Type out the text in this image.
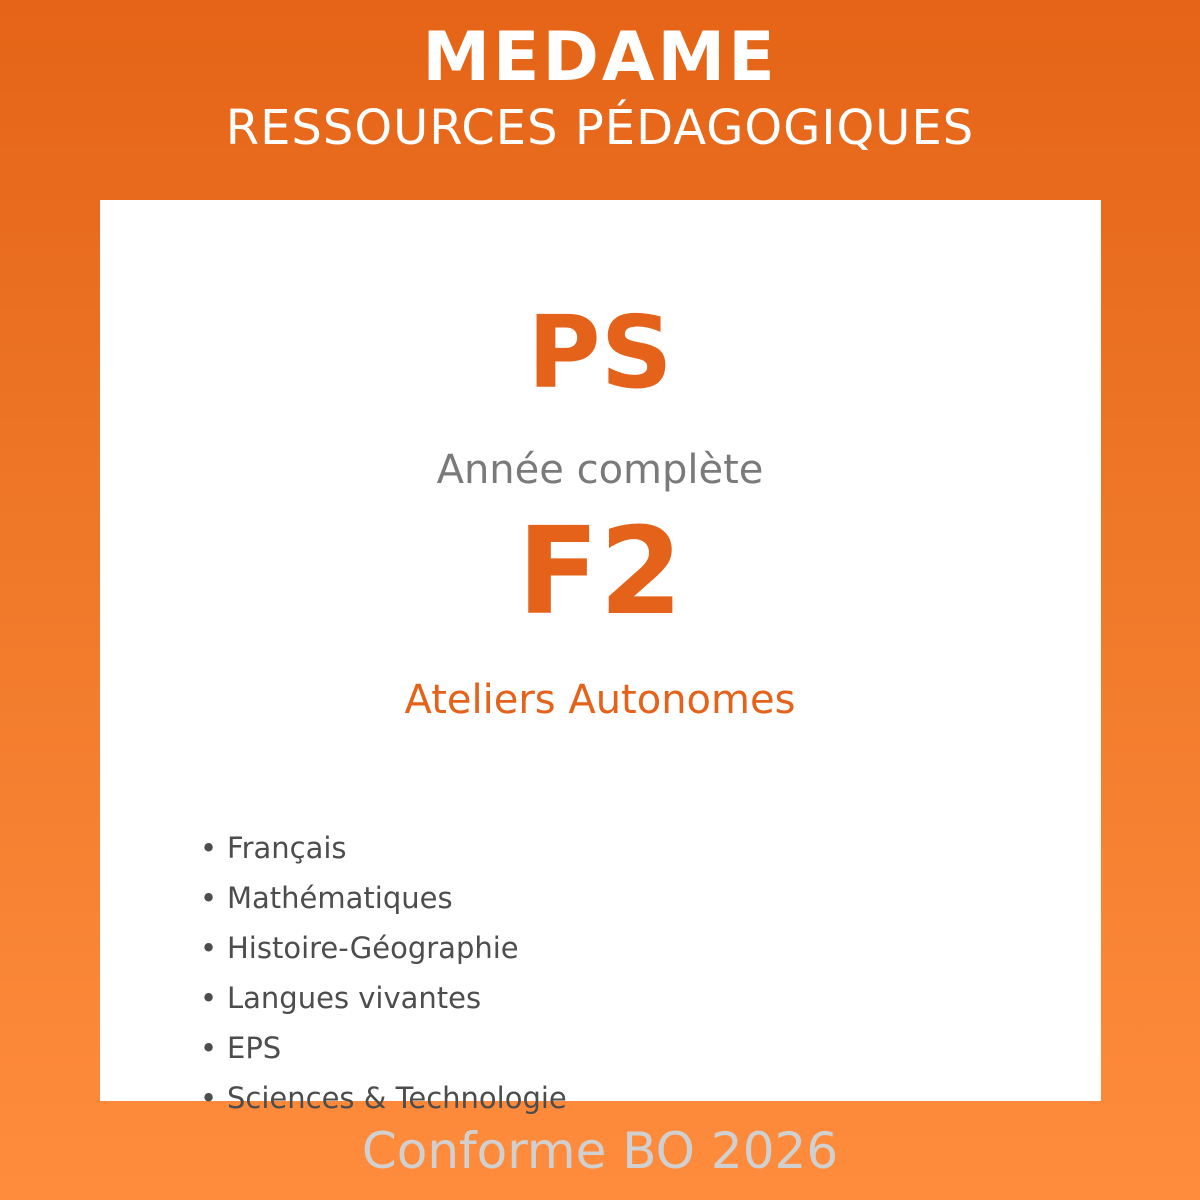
MEDAME
RESSOURCES PÉDAGOGIQUES
PS
Année complète
F2
Ateliers Autonomes
• Français
• Mathématiques
• Histoire-Géographie
• Langues vivantes
• EPS
• Sciences & Technologie
Conforme BO 2026
